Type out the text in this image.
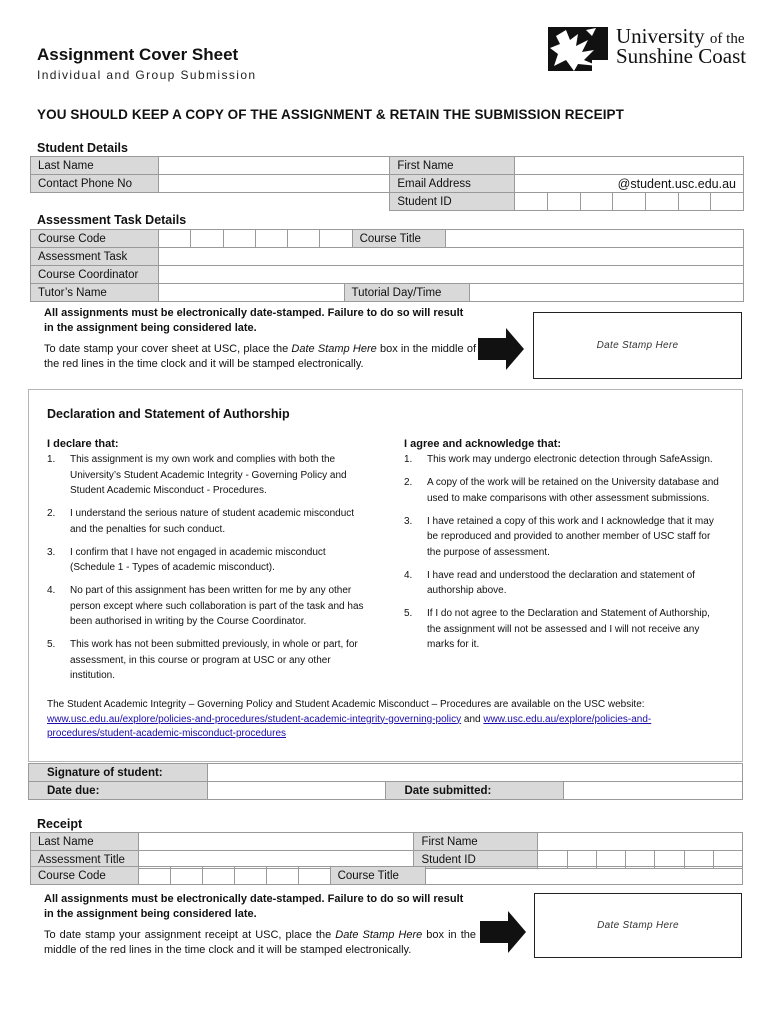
Assignment Cover Sheet
Individual and Group Submission
University of the
Sunshine Coast
YOU SHOULD KEEP A COPY OF THE ASSIGNMENT & RETAIN THE SUBMISSION RECEIPT
Student Details
Last Name		First Name	
Contact Phone No		Email Address	@student.usc.edu.au
		Student ID	
Assessment Task Details
Course Code		Course Title	
Assessment Task			
Course Coordinator			
Tutor’s Name		Tutorial Day/Time	
All assignments must be electronically date-stamped. Failure to do so will result in the assignment being considered late.
To date stamp your cover sheet at USC, place the Date Stamp Here box in the middle of the red lines in the time clock and it will be stamped electronically.
Date Stamp Here
Declaration and Statement of Authorship
I declare that:
1.	This assignment is my own work and complies with both the University’s Student Academic Integrity - Governing Policy and Student Academic Misconduct - Procedures.
2.	I understand the serious nature of student academic misconduct and the penalties for such conduct.
3.	I confirm that I have not engaged in academic misconduct (Schedule 1 - Types of academic misconduct).
4.	No part of this assignment has been written for me by any other person except where such collaboration is part of the task and has been authorised in writing by the Course Coordinator.
5.	This work has not been submitted previously, in whole or part, for assessment, in this course or program at USC or any other institution.
I agree and acknowledge that:
1.	This work may undergo electronic detection through SafeAssign.
2.	A copy of the work will be retained on the University database and used to make comparisons with other assessment submissions.
3.	I have retained a copy of this work and I acknowledge that it may be reproduced and provided to another member of USC staff for the purpose of assessment.
4.	I have read and understood the declaration and statement of authorship above.
5.	If I do not agree to the Declaration and Statement of Authorship, the assignment will not be assessed and I will not receive any marks for it.
The Student Academic Integrity – Governing Policy and Student Academic Misconduct – Procedures are available on the USC website:
www.usc.edu.au/explore/policies-and-procedures/student-academic-integrity-governing-policy and www.usc.edu.au/explore/policies-and-procedures/student-academic-misconduct-procedures
Signature of student:			
Date due:		Date submitted:	
Receipt
Last Name		First Name	
Assessment Title		Student ID	
Course Code		Course Title	
All assignments must be electronically date-stamped. Failure to do so will result in the assignment being considered late.
To date stamp your assignment receipt at USC, place the Date Stamp Here box in the middle of the red lines in the time clock and it will be stamped electronically.
Date Stamp Here
